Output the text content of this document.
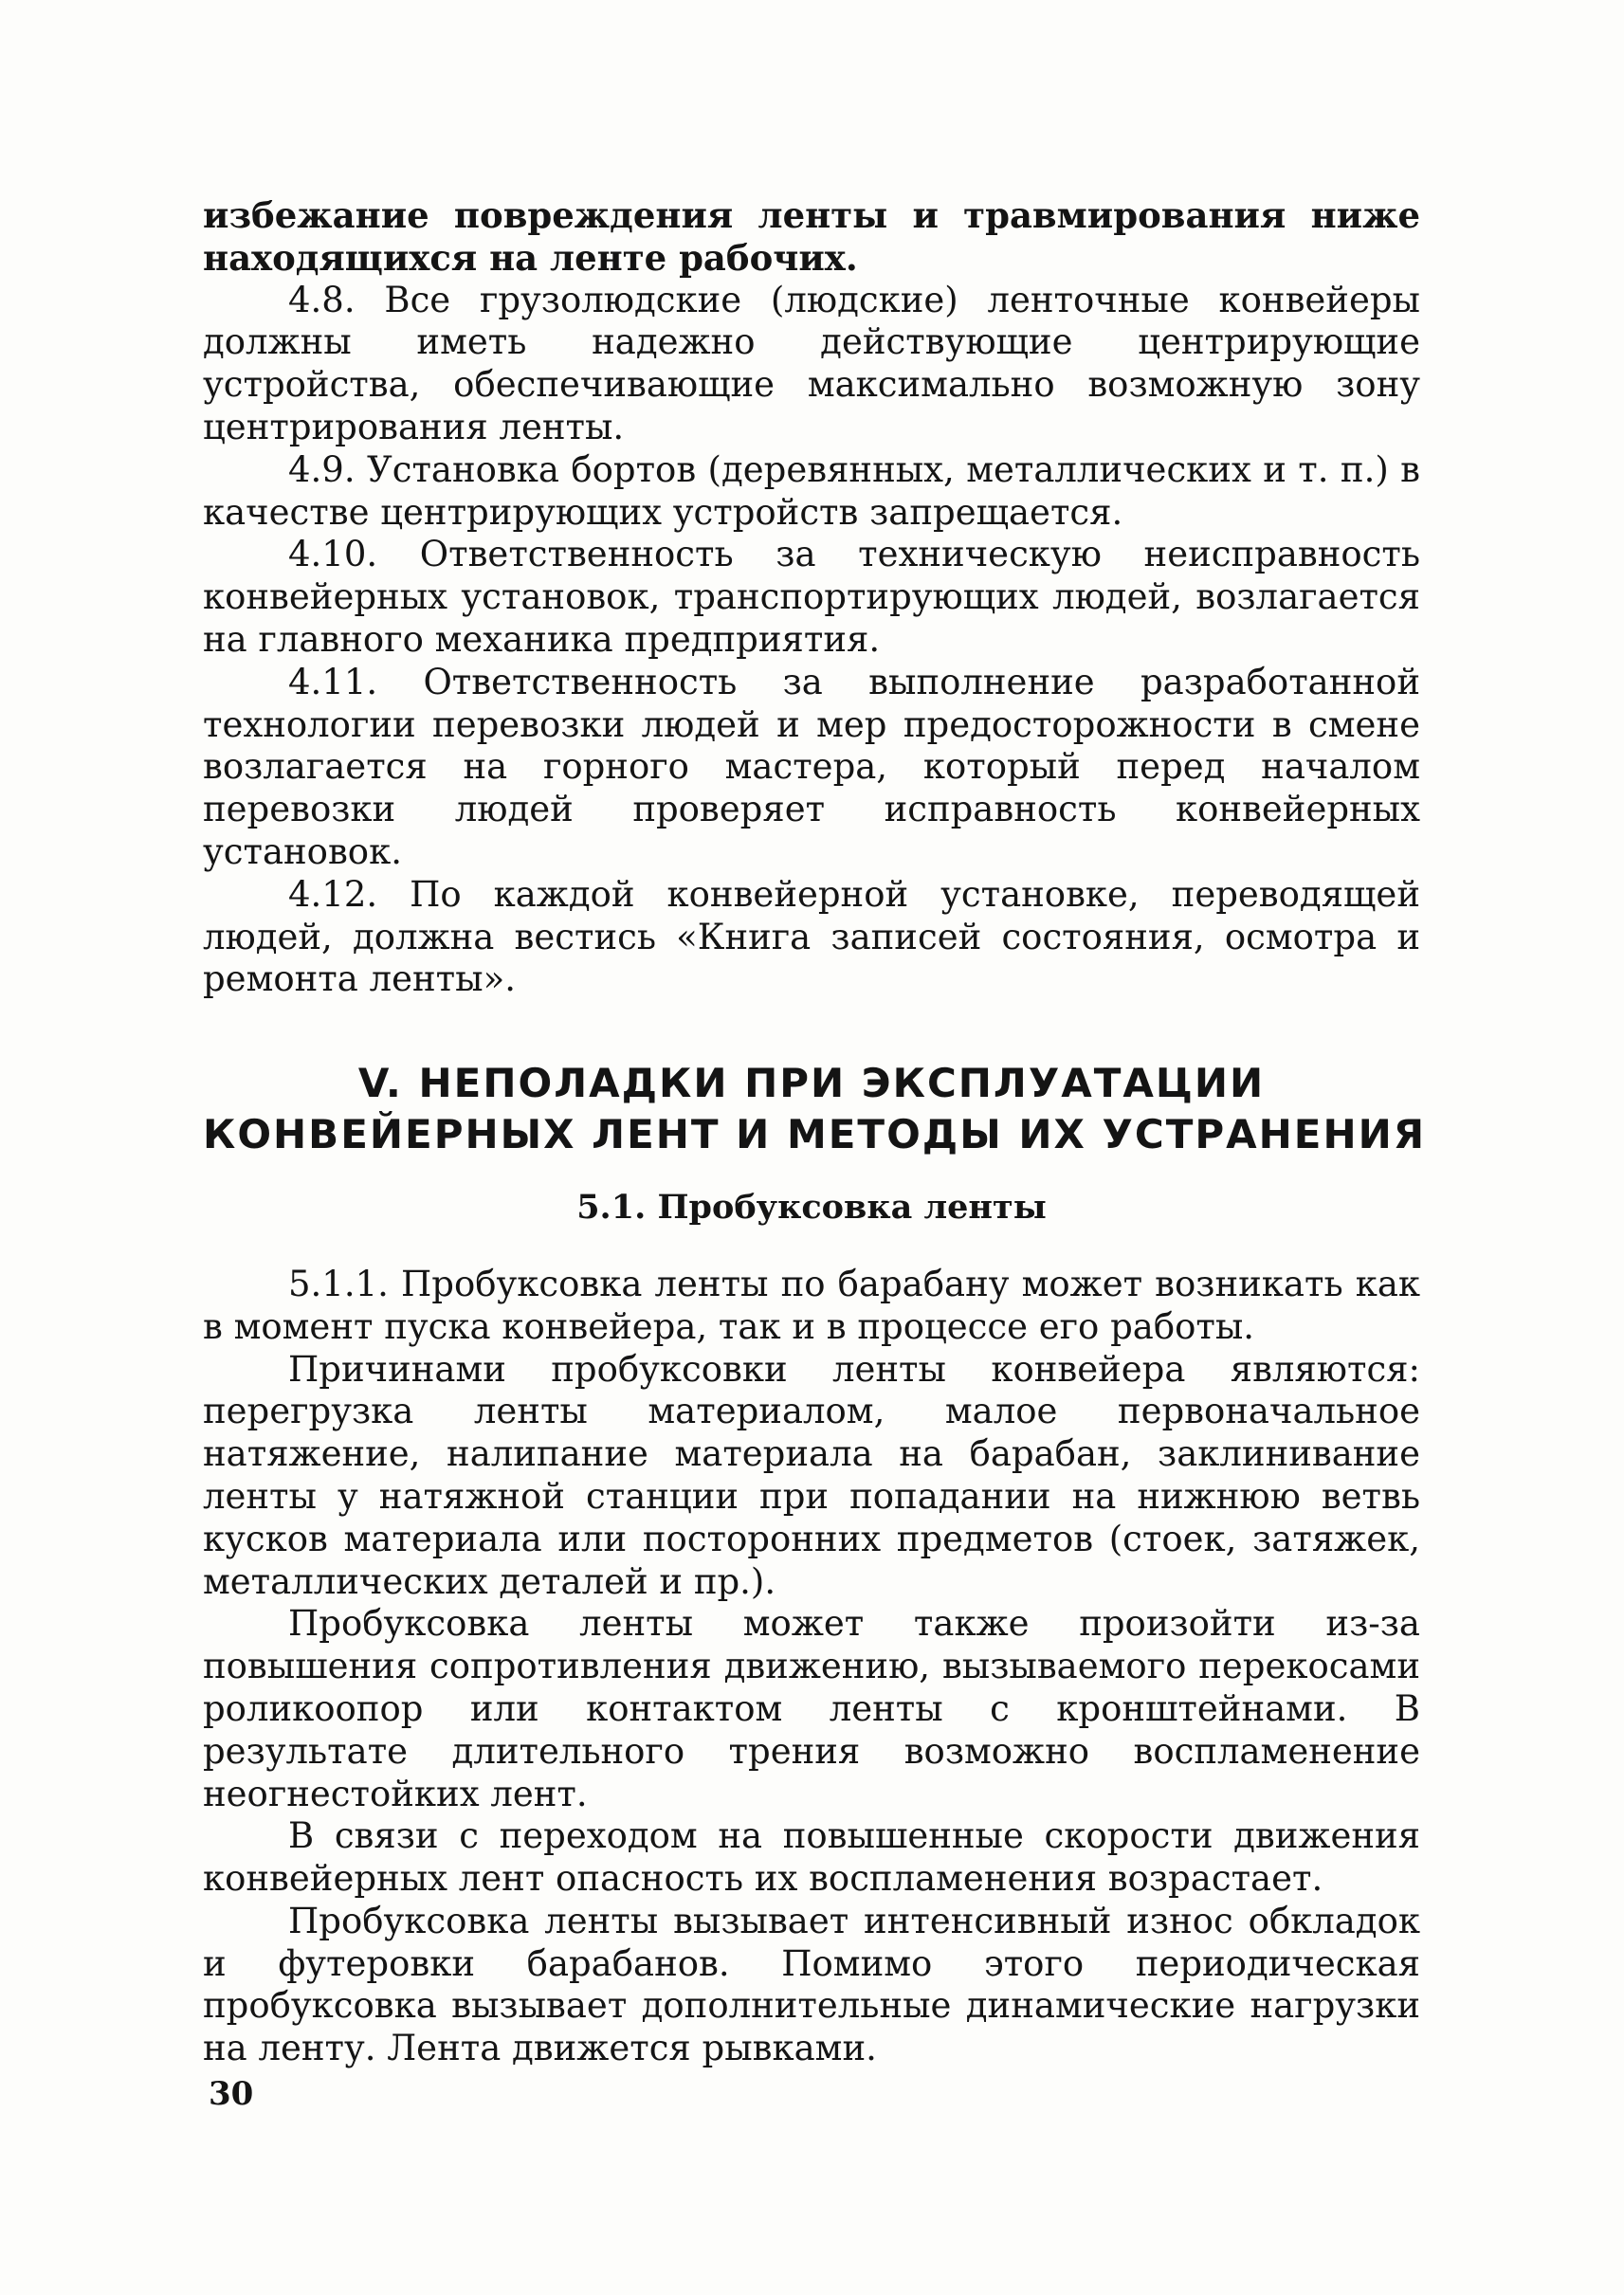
избежание повреждения ленты и травмирования ниже находящихся на ленте рабочих.

4.8. Все грузолюдские (людские) ленточные конвейеры должны иметь надежно действующие центрирующие устройства, обеспечивающие максимально возможную зону центрирования ленты.

4.9. Установка бортов (деревянных, металлических и т. п.) в качестве центрирующих устройств запрещается.

4.10. Ответственность за техническую неисправность конвейерных установок, транспортирующих людей, возлагается на главного механика предприятия.

4.11. Ответственность за выполнение разработанной технологии перевозки людей и мер предосторожности в смене возлагается на горного мастера, который перед началом перевозки людей проверяет исправность конвейерных установок.

4.12. По каждой конвейерной установке, переводящей людей, должна вестись «Книга записей состояния, осмотра и ремонта ленты».

V. НЕПОЛАДКИ ПРИ ЭКСПЛУАТАЦИИ
КОНВЕЙЕРНЫХ ЛЕНТ И МЕТОДЫ ИХ УСТРАНЕНИЯ
5.1. Пробуксовка ленты

5.1.1. Пробуксовка ленты по барабану может возникать как в момент пуска конвейера, так и в процессе его работы.

Причинами пробуксовки ленты конвейера являются: перегрузка ленты материалом, малое первоначальное натяжение, налипание материала на барабан, заклинивание ленты у натяжной станции при попадании на нижнюю ветвь кусков материала или посторонних предметов (стоек, затяжек, металлических деталей и пр.).

Пробуксовка ленты может также произойти из-за повышения сопротивления движению, вызываемого перекосами роликоопор или контактом ленты с кронштейнами. В результате длительного трения возможно воспламенение неогнестойких лент.

В связи с переходом на повышенные скорости движения конвейерных лент опасность их воспламенения возрастает.

Пробуксовка ленты вызывает интенсивный износ обкладок и футеровки барабанов. Помимо этого периодическая пробуксовка вызывает дополнительные динамические нагрузки на ленту. Лента движется рывками.

30
